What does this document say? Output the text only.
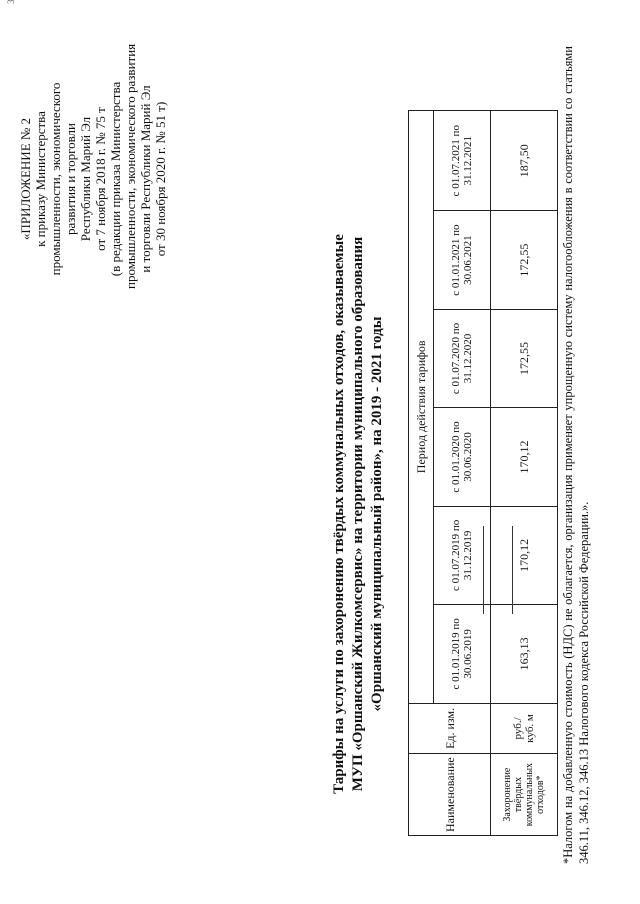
3
«ПРИЛОЖЕНИЕ № 2 к приказу Министерства промышленности, экономического развития и торговли Республики Марий Эл от 7 ноября 2018 г. № 75 т (в редакции приказа Министерства промышленности, экономического развития и торговли Республики Марий Эл от 30 ноября 2020 г. № 51 т)
Тарифы на услуги по захоронению твёрдых коммунальных отходов, оказываемые МУП «Оршанский Жилкомсервис» на территории муниципального образования «Оршанский муниципальный район», на 2019 - 2021 годы
Наименование	Ед. изм.	Период действия тарифов					
		с 01.01.2019 по 30.06.2019	с 01.07.2019 по 31.12.2019	с 01.01.2020 по 30.06.2020	с 01.07.2020 по 31.12.2020	с 01.01.2021 по 30.06.2021	с 01.07.2021 по 31.12.2021
Захоронение твёрдых коммунальных отходов*	руб./ куб. м	163,13	170,12	170,12	172,55	172,55	187,50 *Налогом на добавленную стоимость (НДС) не облагается, организация применяет упрощенную систему налогообложения в соответствии со статьями 346.11, 346.12, 346.13 Налогового кодекса Российской Федерации.».
